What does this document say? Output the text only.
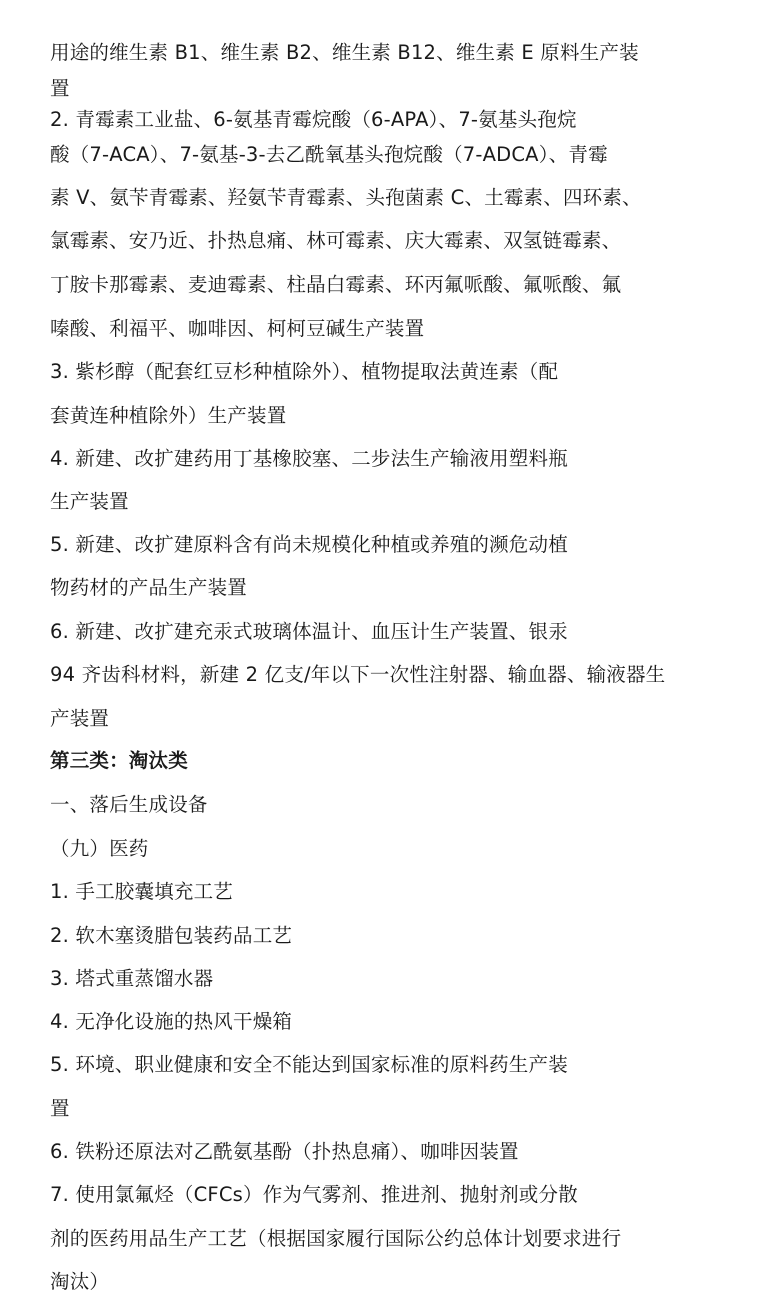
用途的维生素 B1、维生素 B2、维生素 B12、维生素 E 原料生产装
置
2. 青霉素工业盐、6-氨基青霉烷酸（6-APA）、7-氨基头孢烷
酸（7-ACA）、7-氨基-3-去乙酰氧基头孢烷酸（7-ADCA）、青霉
素 V、氨苄青霉素、羟氨苄青霉素、头孢菌素 C、土霉素、四环素、
氯霉素、安乃近、扑热息痛、林可霉素、庆大霉素、双氢链霉素、
丁胺卡那霉素、麦迪霉素、柱晶白霉素、环丙氟哌酸、氟哌酸、氟
嗪酸、利福平、咖啡因、柯柯豆碱生产装置
3. 紫杉醇（配套红豆杉种植除外）、植物提取法黄连素（配
套黄连种植除外）生产装置
4. 新建、改扩建药用丁基橡胶塞、二步法生产输液用塑料瓶
生产装置
5. 新建、改扩建原料含有尚未规模化种植或养殖的濒危动植
物药材的产品生产装置
6. 新建、改扩建充汞式玻璃体温计、血压计生产装置、银汞
94 齐齿科材料，新建 2 亿支/年以下一次性注射器、输血器、输液器生
产装置
第三类：淘汰类
一、落后生成设备
（九）医药
1. 手工胶囊填充工艺
2. 软木塞烫腊包装药品工艺
3. 塔式重蒸馏水器
4. 无净化设施的热风干燥箱
5. 环境、职业健康和安全不能达到国家标准的原料药生产装
置
6. 铁粉还原法对乙酰氨基酚（扑热息痛）、咖啡因装置
7. 使用氯氟烃（CFCs）作为气雾剂、推进剂、抛射剂或分散
剂的医药用品生产工艺（根据国家履行国际公约总体计划要求进行
淘汰）
